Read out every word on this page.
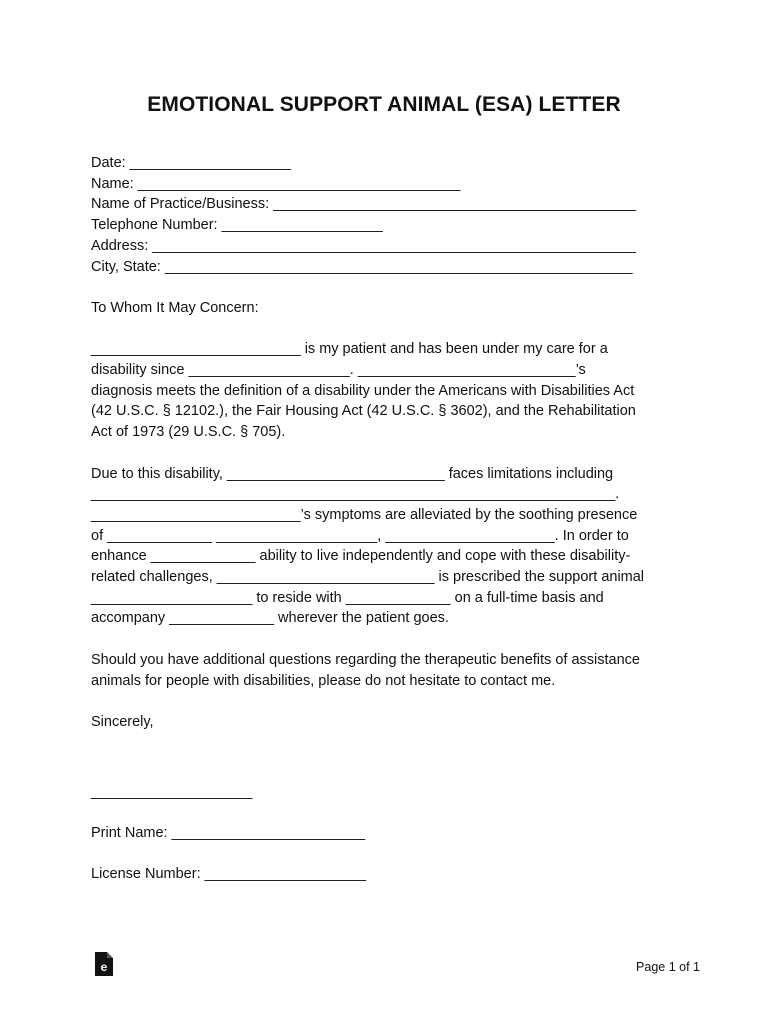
EMOTIONAL SUPPORT ANIMAL (ESA) LETTER

Date: ____________________

Name: ________________________________________

Name of Practice/Business: _____________________________________________

Telephone Number: ____________________

Address: ____________________________________________________________

City, State: __________________________________________________________

To Whom It May Concern:

__________________________ is my patient and has been under my care for a

disability since ____________________. ___________________________’s

diagnosis meets the definition of a disability under the Americans with Disabilities Act

(42 U.S.C. § 12102.), the Fair Housing Act (42 U.S.C. § 3602), and the Rehabilitation

Act of 1973 (29 U.S.C. § 705).

Due to this disability, ___________________________ faces limitations including

_________________________________________________________________.

__________________________’s symptoms are alleviated by the soothing presence

of _____________ ____________________, _____________________. In order to

enhance _____________ ability to live independently and cope with these disability-

related challenges, ___________________________ is prescribed the support animal

____________________ to reside with _____________ on a full-time basis and

accompany _____________ wherever the patient goes.

Should you have additional questions regarding the therapeutic benefits of assistance

animals for people with disabilities, please do not hesitate to contact me.

Sincerely,

____________________

Print Name: ________________________

License Number: ____________________

e	Page 1 of 1
